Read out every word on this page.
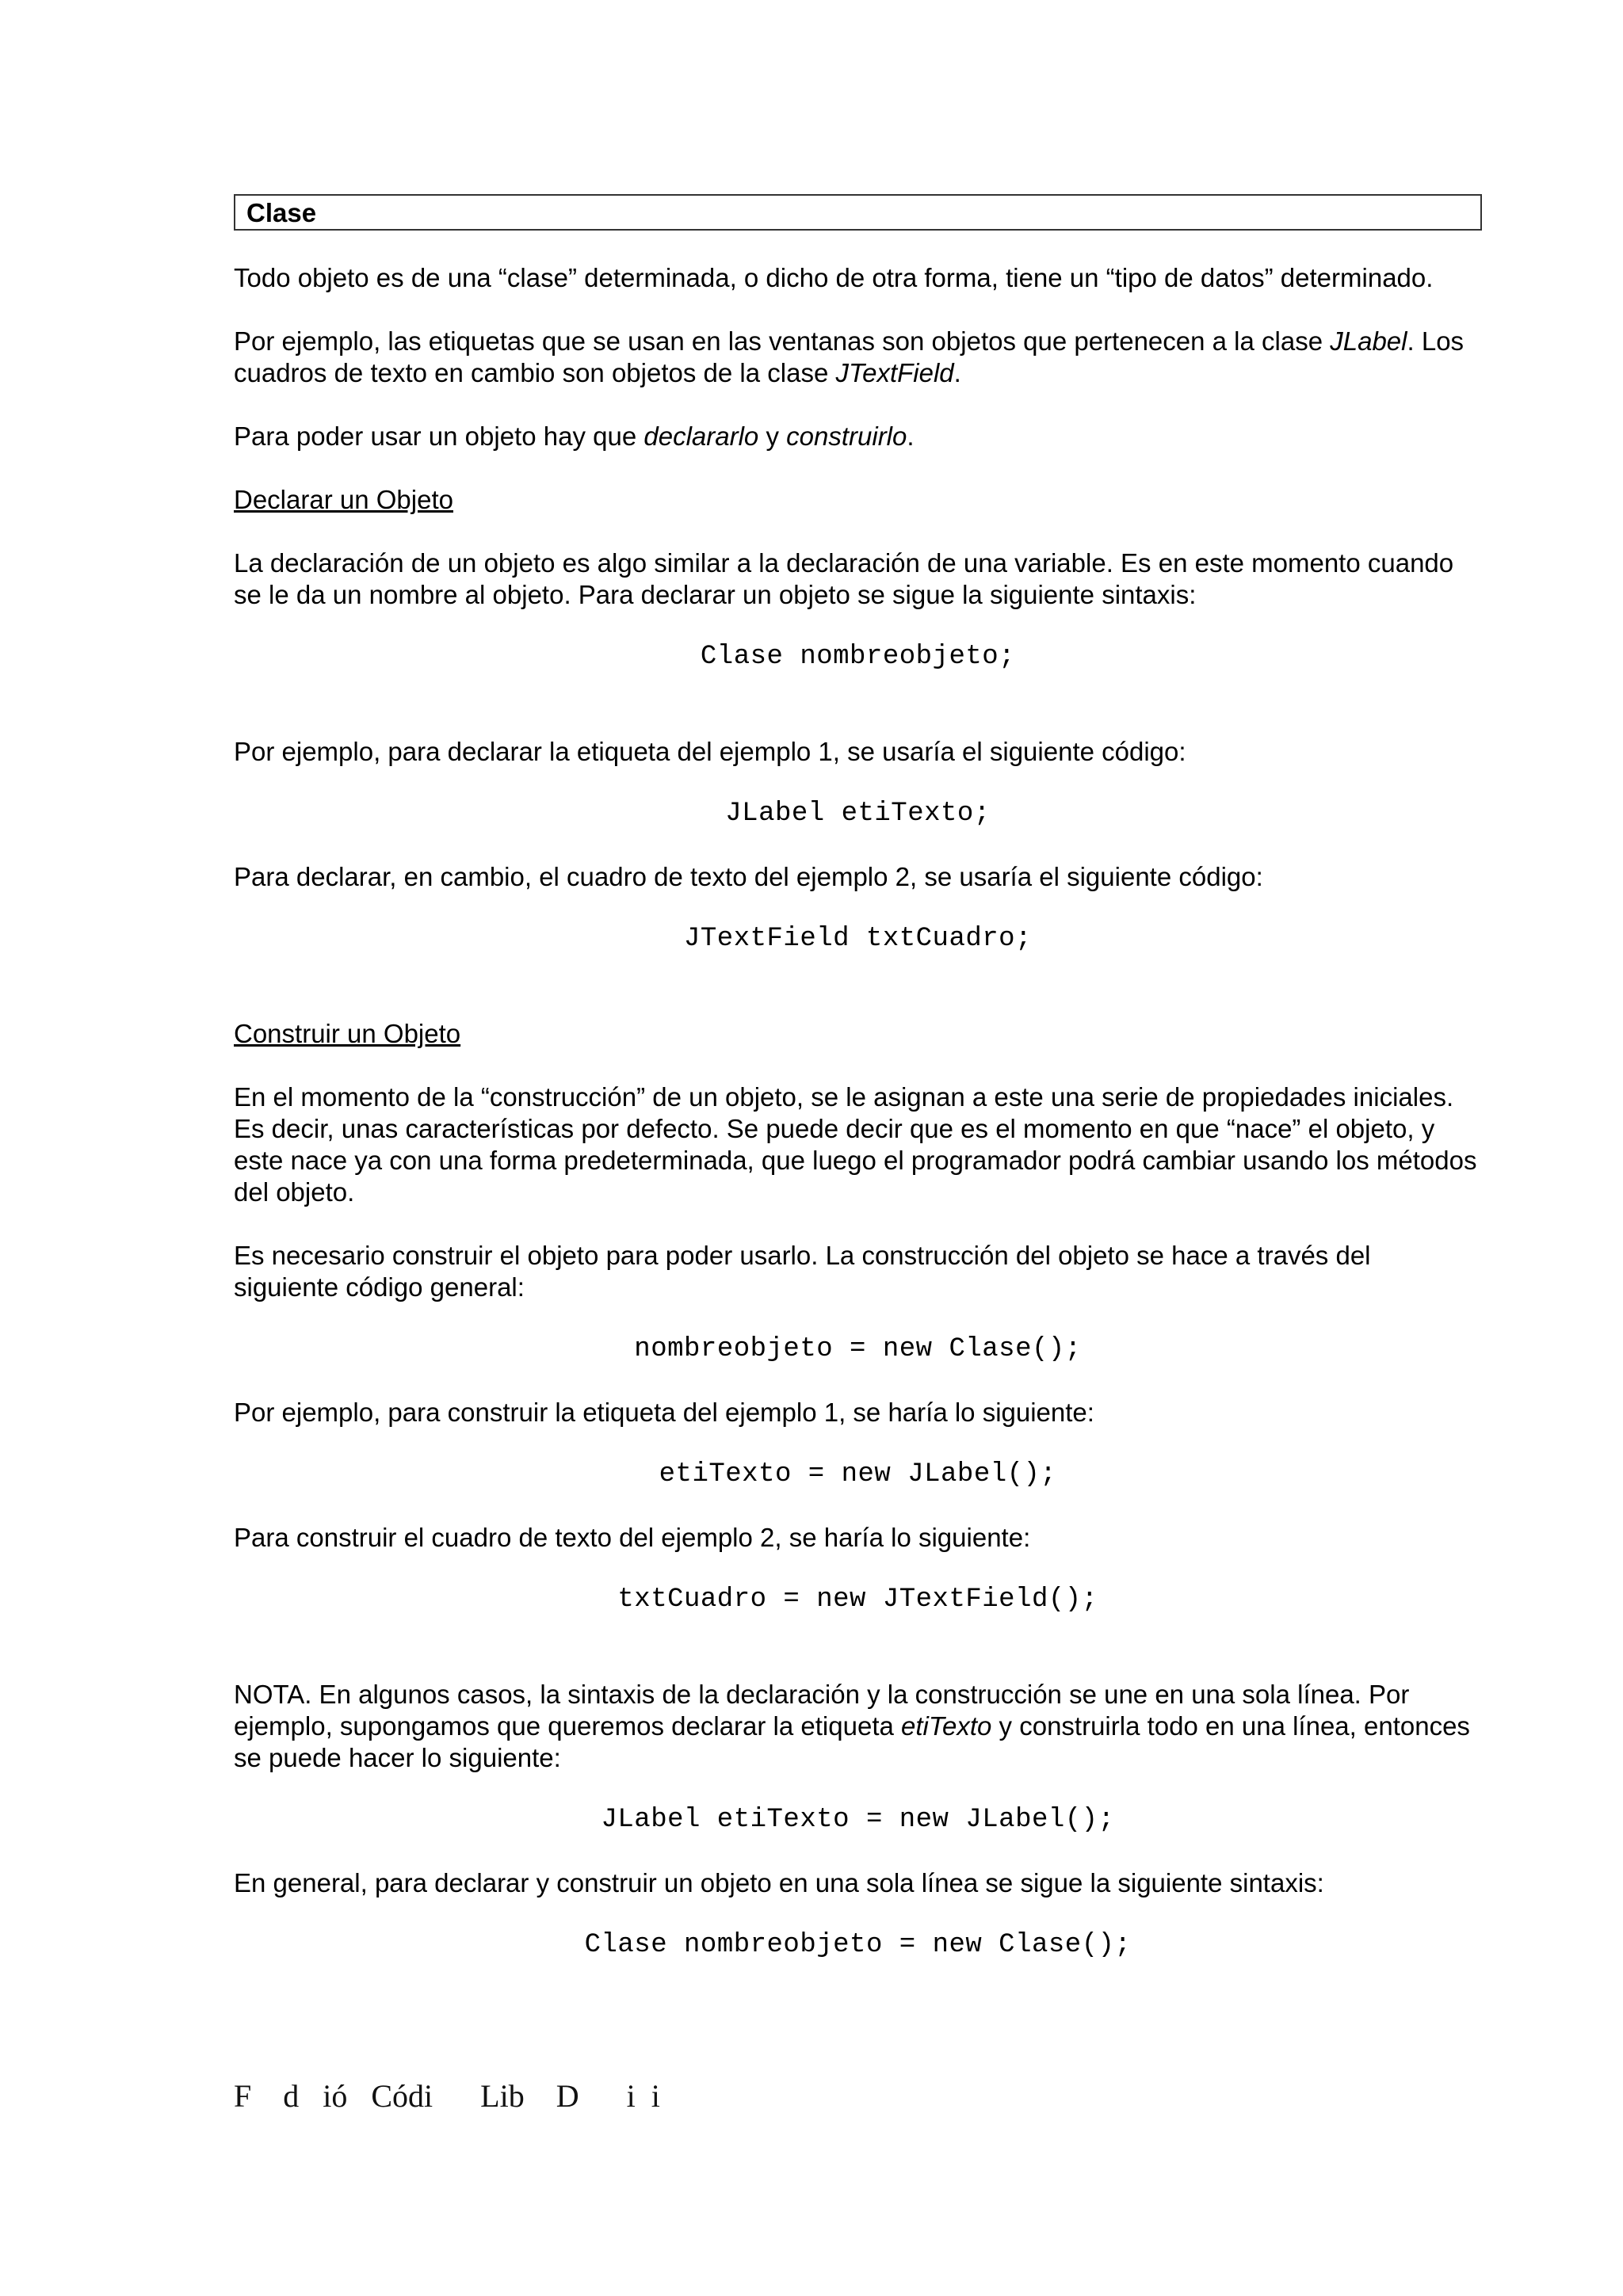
Clase

Todo objeto es de una “clase” determinada, o dicho de otra forma, tiene un “tipo de datos” determinado.

Por ejemplo, las etiquetas que se usan en las ventanas son objetos que pertenecen a la clase JLabel. Los cuadros de texto en cambio son objetos de la clase JTextField.

Para poder usar un objeto hay que declararlo y construirlo.

Declarar un Objeto

La declaración de un objeto es algo similar a la declaración de una variable. Es en este momento cuando se le da un nombre al objeto. Para declarar un objeto se sigue la siguiente sintaxis:

Clase nombreobjeto;

Por ejemplo, para declarar la etiqueta del ejemplo 1, se usaría el siguiente código:

JLabel etiTexto;

Para declarar, en cambio, el cuadro de texto del ejemplo 2, se usaría el siguiente código:

JTextField txtCuadro;

Construir un Objeto

En el momento de la “construcción” de un objeto, se le asignan a este una serie de propiedades iniciales. Es decir, unas características por defecto. Se puede decir que es el momento en que “nace” el objeto, y este nace ya con una forma predeterminada, que luego el programador podrá cambiar usando los métodos del objeto.

Es necesario construir el objeto para poder usarlo. La construcción del objeto se hace a través del siguiente código general:

nombreobjeto = new Clase();

Por ejemplo, para construir la etiqueta del ejemplo 1, se haría lo siguiente:

etiTexto = new JLabel();

Para construir el cuadro de texto del ejemplo 2, se haría lo siguiente:

txtCuadro = new JTextField();

NOTA. En algunos casos, la sintaxis de la declaración y la construcción se une en una sola línea. Por ejemplo, supongamos que queremos declarar la etiqueta etiTexto y construirla todo en una línea, entonces se puede hacer lo siguiente:

JLabel etiTexto = new JLabel();

En general, para declarar y construir un objeto en una sola línea se sigue la siguiente sintaxis:

Clase nombreobjeto = new Clase();
F    d   ió   Códi      Lib    D      i  i
